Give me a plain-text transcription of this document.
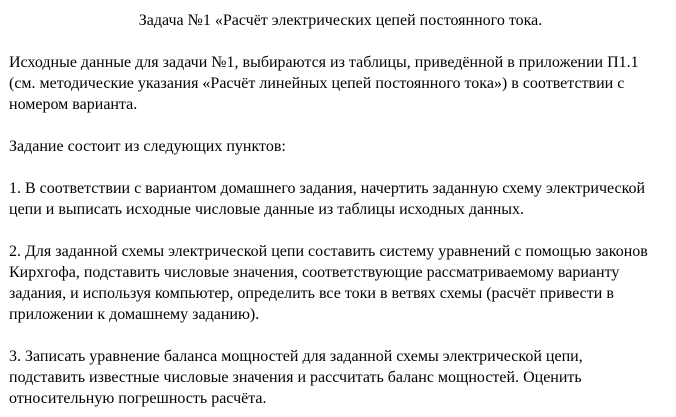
Задача №1 «Расчёт электрических цепей постоянного тока.
Исходные данные для задачи №1, выбираются из таблицы, приведённой в приложении П1.1 (см. методические указания «Расчёт линейных цепей постоянного тока») в соответствии с номером варианта.
Задание состоит из следующих пунктов:
1. В соответствии с вариантом домашнего задания, начертить заданную схему электрической цепи и выписать исходные числовые данные из таблицы исходных данных.
2. Для заданной схемы электрической цепи составить систему уравнений с помощью законов Кирхгофа, подставить числовые значения, соответствующие рассматриваемому варианту задания, и используя компьютер, определить все токи в ветвях схемы (расчёт привести в приложении к домашнему заданию).
3. Записать уравнение баланса мощностей для заданной схемы электрической цепи, подставить известные числовые значения и рассчитать баланс мощностей. Оценить относительную погрешность расчёта.
